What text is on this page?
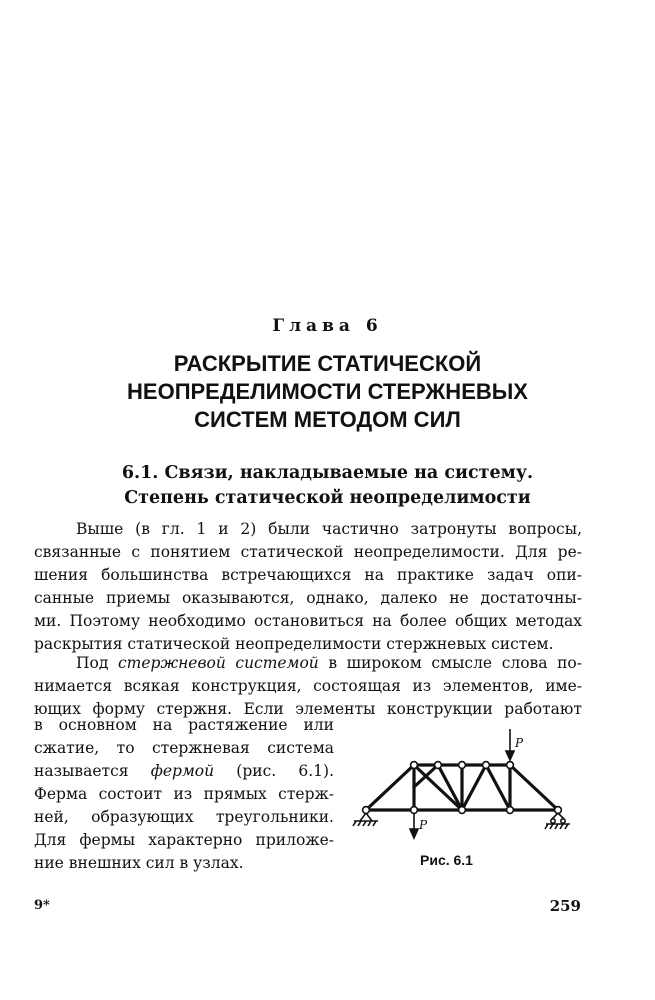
Глава 6
РАСКРЫТИЕ СТАТИЧЕСКОЙ
НЕОПРЕДЕЛИМОСТИ СТЕРЖНЕВЫХ
СИСТЕМ МЕТОДОМ СИЛ
6.1. Связи, накладываемые на систему.
Степень статической неопределимости
Выше (в гл. 1 и 2) были частично затронуты вопросы,
связанные с понятием статической неопределимости. Для ре-
шения большинства встречающихся на практике задач опи-
санные приемы оказываются, однако, далеко не достаточны-
ми. Поэтому необходимо остановиться на более общих методах
раскрытия статической неопределимости стержневых систем.
Под стержневой системой в широком смысле слова по-
нимается всякая конструкция, состоящая из элементов, име-
ющих форму стержня. Если элементы конструкции работают
в основном на растяжение или
сжатие, то стержневая система
называется фермой (рис. 6.1).
Ферма состоит из прямых стерж-
ней, образующих треугольники.
Для фермы характерно приложе-
ние внешних сил в узлах.
P
P
Рис. 6.1
9*	259
